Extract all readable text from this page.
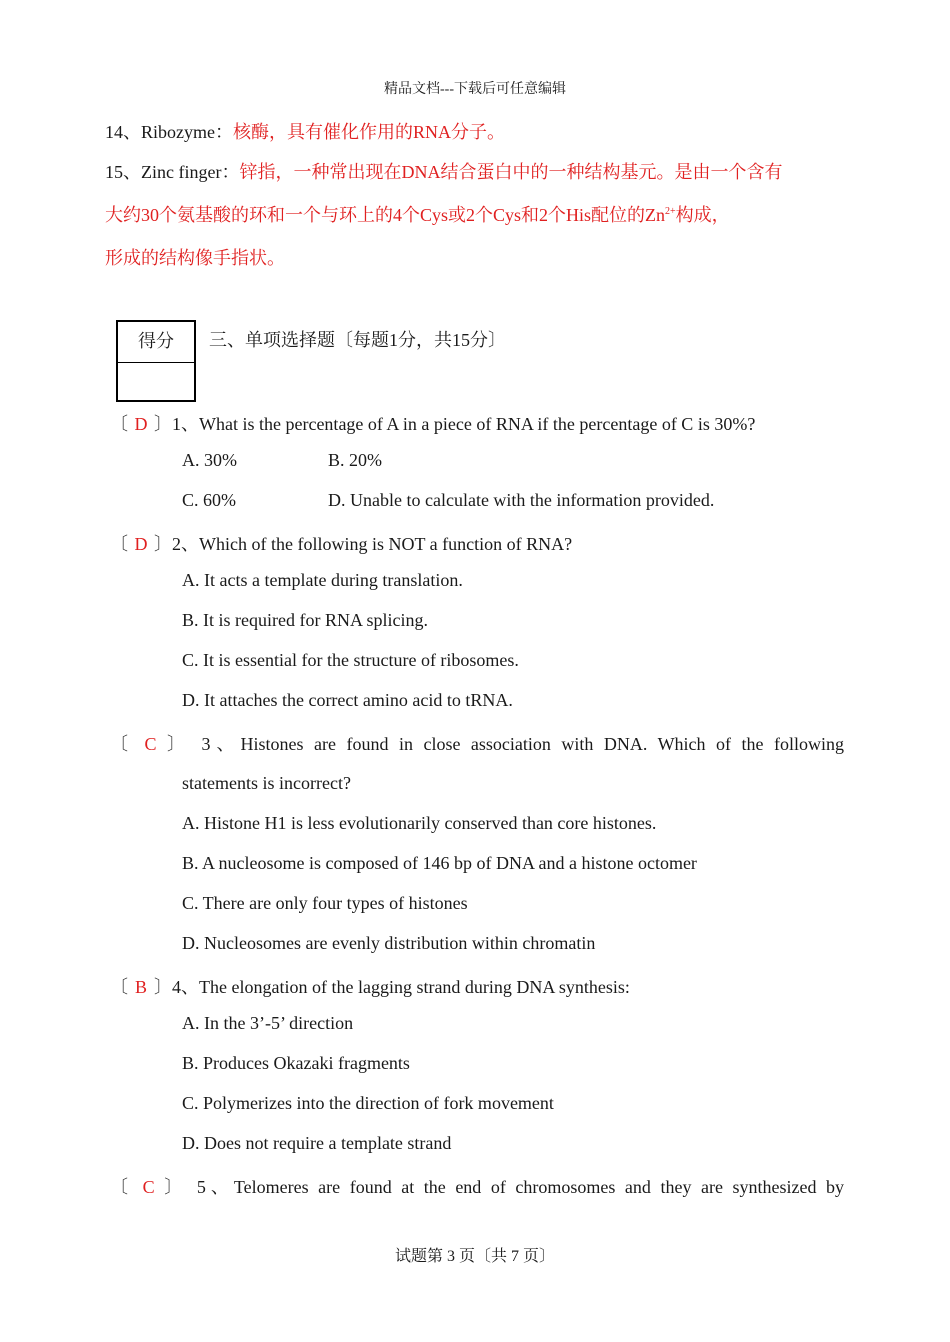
精品文档---下载后可任意编辑
14、Ribozyme：核酶，具有催化作用的RNA分子。
15、Zinc finger：锌指，一种常出现在DNA结合蛋白中的一种结构基元。是由一个含有
大约30个氨基酸的环和一个与环上的4个Cys或2个Cys和2个His配位的$Zn^{2+}$构成，
形成的结构像手指状。
得分	三、单项选择题〔每题1分，共15分〕
〔 D 〕1、What is the percentage of A in a piece of RNA if the percentage of C is 30%?
A. 30%	B. 20%
C. 60%	D. Unable to calculate with the information provided.
〔 D 〕2、Which of the following is NOT a function of RNA?
A. It acts a template during translation.
B. It is required for RNA splicing.
C. It is essential for the structure of ribosomes.
D. It attaches the correct amino acid to tRNA.
〔 C 〕 3、Histones are found in close association with DNA. Which of the following
statements is incorrect?
A. Histone H1 is less evolutionarily conserved than core histones.
B. A nucleosome is composed of 146 bp of DNA and a histone octomer
C. There are only four types of histones
D. Nucleosomes are evenly distribution within chromatin
〔 B 〕4、The elongation of the lagging strand during DNA synthesis:
A. In the 3’-5’ direction
B. Produces Okazaki fragments
C. Polymerizes into the direction of fork movement
D. Does not require a template strand
〔 C 〕 5、Telomeres are found at the end of chromosomes and they are synthesized by
试题第 3 页〔共 7 页〕
